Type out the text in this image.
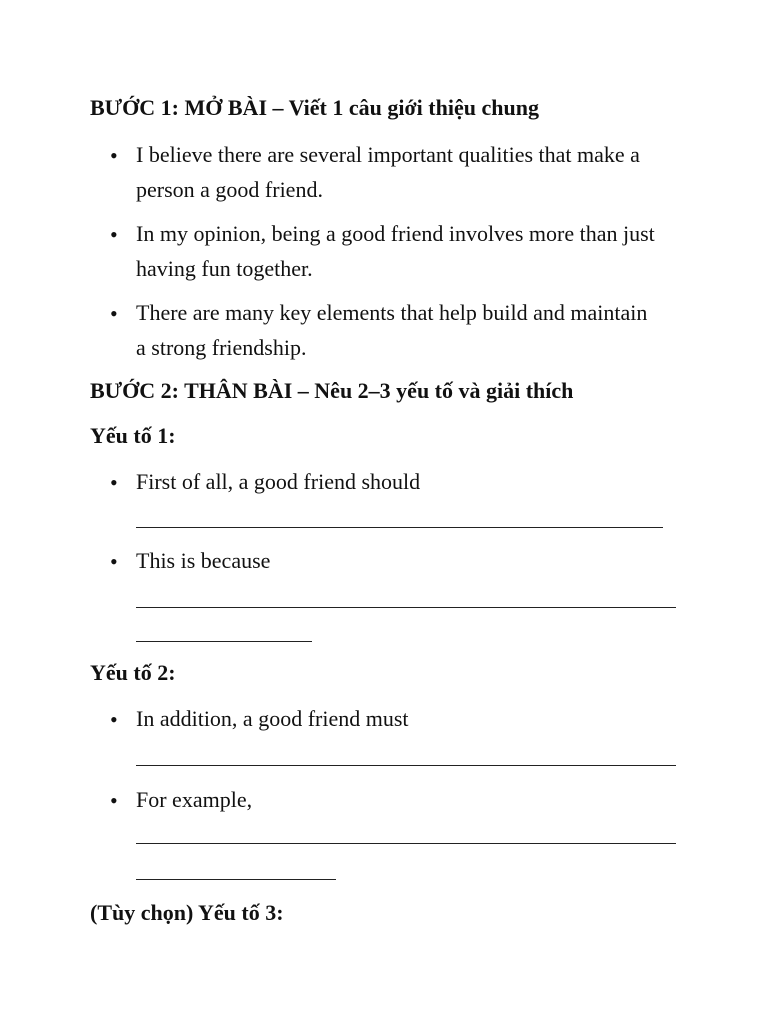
BƯỚC 1: MỞ BÀI – Viết 1 câu giới thiệu chung
• I believe there are several important qualities that make a person a good friend.

• In my opinion, being a good friend involves more than just having fun together.

• There are many key elements that help build and maintain a strong friendship.

BƯỚC 2: THÂN BÀI – Nêu 2–3 yếu tố và giải thích
Yếu tố 1:
• First of all, a good friend should

• This is because

Yếu tố 2:
• In addition, a good friend must

• For example,

(Tùy chọn) Yếu tố 3:
